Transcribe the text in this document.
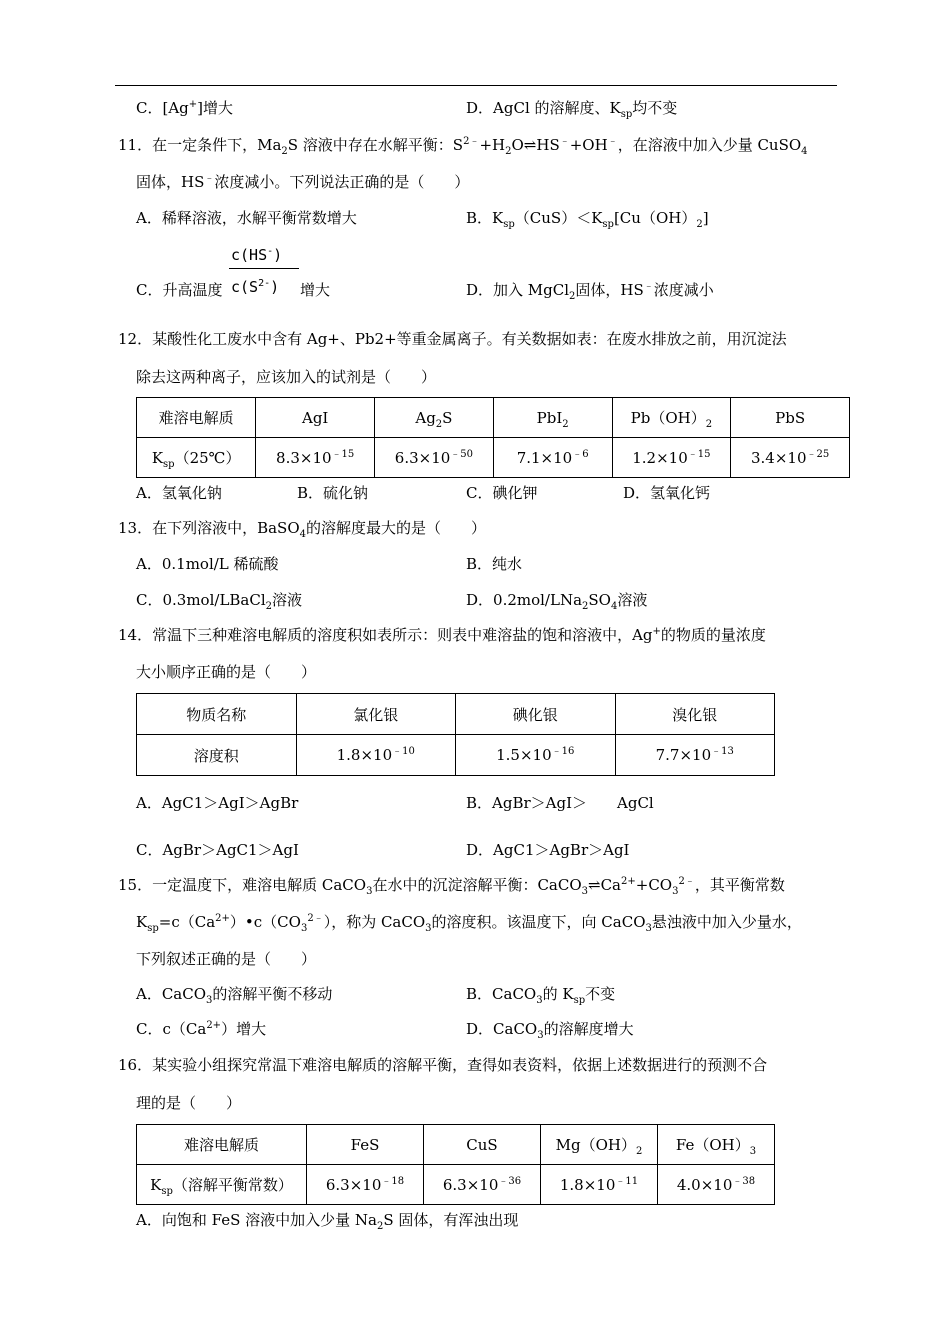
C．[Ag+]增大	D．AgCl 的溶解度、$K_{sp}$均不变
11．在一定条件下，$Ma_2S$ 溶液中存在水解平衡：$S^{2﹣}+H_2O\rightleftharpoons HS^﹣+OH^﹣$，在溶液中加入少量 CuSO$_4$
固体，HS﹣浓度减小。下列说法正确的是（　　）
A．稀释溶液，水解平衡常数增大	B．$K_{sp}(CuS)<K_{sp}[Cu(OH)_2]$
C．升高温度
c(HS-)
$c(S^{2-})$ 增大	D．加入 MgCl$_2$固体，HS﹣浓度减小
12．某酸性化工废水中含有 Ag+、Pb2+等重金属离子。有关数据如表：在废水排放之前，用沉淀法
除去这两种离子，应该加入的试剂是（　　）
难溶电解质	AgI	$Ag_2S$	PbI$_2$	$Pb(OH)_2$	PbS
$K_{sp}(25℃)$	$8.3\times 10^{﹣15}$	$6.3\times 10^{﹣50}$	$7.1\times 10^{﹣6}$	$1.2\times 10^{﹣15}$	$3.4\times 10^{﹣25}$
A．氢氧化钠	B．硫化钠	C．碘化钾	D．氢氧化钙
13．在下列溶液中，BaSO$_4$的溶解度最大的是（　　）
A．0.1mol/L 稀硫酸	B．纯水
C．0.3mol/LBaCl$_2$溶液	D．$0.2mol/LNa_2SO_4$溶液
14．常温下三种难溶电解质的溶度积如表所示：则表中难溶盐的饱和溶液中，Ag+的物质的量浓度
大小顺序正确的是（　　）
物质名称	氯化银	碘化银	溴化银
溶度积	$1.8\times 10^{﹣10}$	$1.5\times 10^{﹣16}$	$7.7\times 10^{﹣13}$
A．AgC1＞AgI＞AgBr	B．AgBr＞AgI＞　　AgCl
C．AgBr＞AgC1＞AgI	D．AgC1＞AgBr＞AgI
15．一定温度下，难溶电解质 CaCO$_3$在水中的沉淀溶解平衡：$CaCO_3\rightleftharpoons Ca^{2+}+CO_3^{2﹣}$，其平衡常数
$K_{sp}=c(Ca^{2+})•c(CO_3^{2﹣})$，称为 CaCO$_3$的溶度积。该温度下，向 CaCO$_3$悬浊液中加入少量水，
下列叙述正确的是（　　）
A．CaCO$_3$的溶解平衡不移动	B．CaCO$_3$的 $K_{sp}$不变
C．$c(Ca^{2+})$增大	D．CaCO$_3$的溶解度增大
16．某实验小组探究常温下难溶电解质的溶解平衡，查得如表资料，依据上述数据进行的预测不合
理的是（　　）
难溶电解质	FeS	CuS	$Mg(OH)_2$	$Fe(OH)_3$
$K_{sp}$（溶解平衡常数）	$6.3\times 10^{﹣18}$	$6.3\times 10^{﹣36}$	$1.8\times 10^{﹣11}$	$4.0\times 10^{﹣38}$
A．向饱和 FeS 溶液中加入少量 $Na_2S$ 固体，有浑浊出现
